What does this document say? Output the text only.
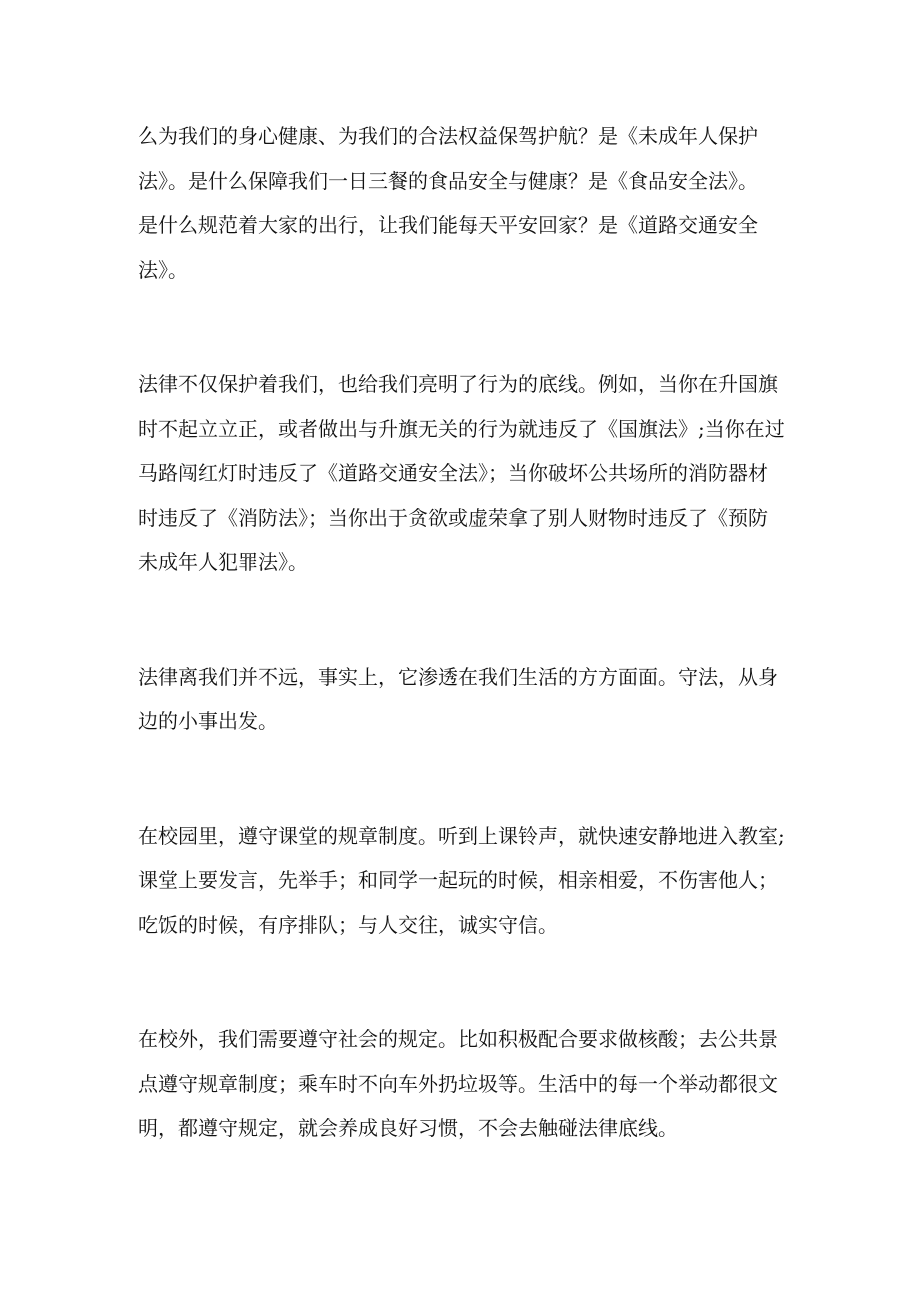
么为我们的身心健康、为我们的合法权益保驾护航？是《未成年人保护
法》。是什么保障我们一日三餐的食品安全与健康？是《食品安全法》。
是什么规范着大家的出行，让我们能每天平安回家？是《道路交通安全
法》。

法律不仅保护着我们，也给我们亮明了行为的底线。例如，当你在升国旗
时不起立立正，或者做出与升旗无关的行为就违反了《国旗法》;当你在过
马路闯红灯时违反了《道路交通安全法》；当你破坏公共场所的消防器材
时违反了《消防法》；当你出于贪欲或虚荣拿了别人财物时违反了《预防
未成年人犯罪法》。

法律离我们并不远，事实上，它渗透在我们生活的方方面面。守法，从身
边的小事出发。

在校园里，遵守课堂的规章制度。听到上课铃声，就快速安静地进入教室;
课堂上要发言，先举手；和同学一起玩的时候，相亲相爱，不伤害他人；
吃饭的时候，有序排队；与人交往，诚实守信。

在校外，我们需要遵守社会的规定。比如积极配合要求做核酸；去公共景
点遵守规章制度；乘车时不向车外扔垃圾等。生活中的每一个举动都很文
明，都遵守规定，就会养成良好习惯，不会去触碰法律底线。
